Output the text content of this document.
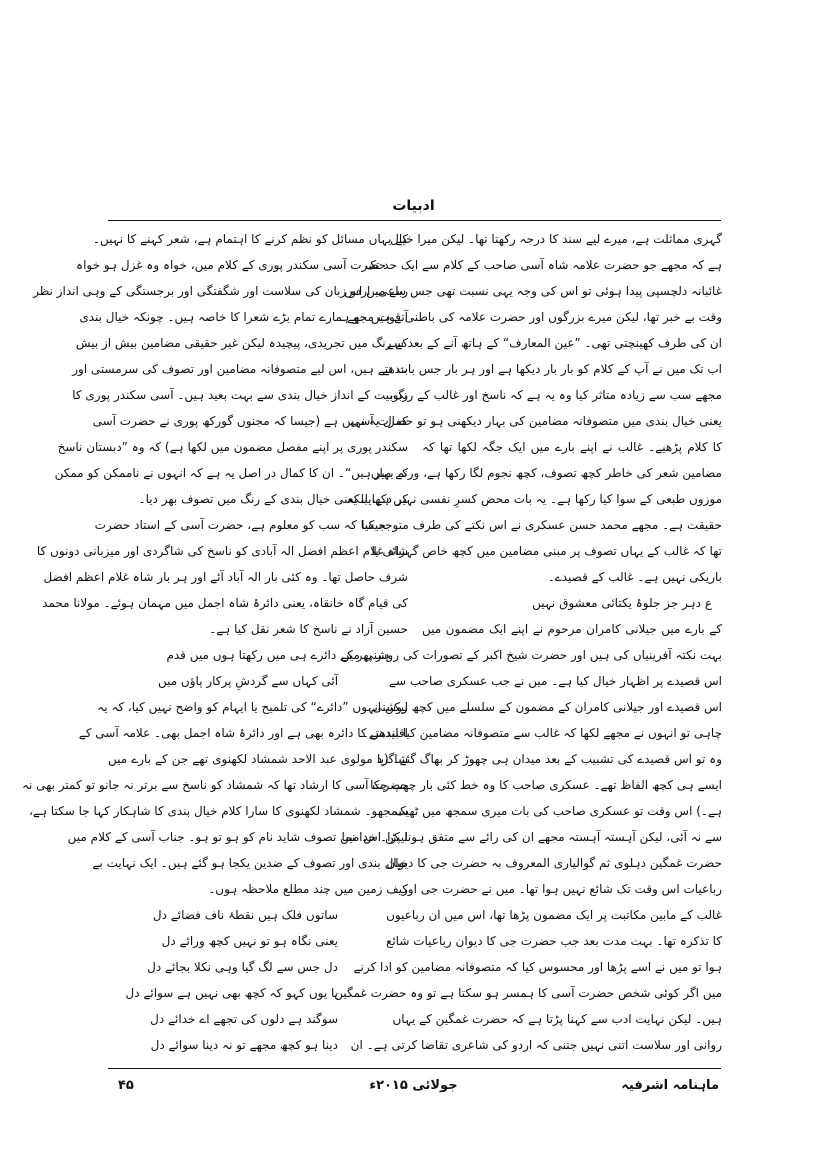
ادبیات
گہری مماثلت ہے، میرے لیے سند کا درجہ رکھتا تھا۔ لیکن میرا خیال
ہے کہ مجھے جو حضرت علامہ شاہ آسی صاحب کے کلام سے ایک حد تک
غائبانہ دلچسپی پیدا ہوئی تو اس کی وجہ یہی نسبت تھی جس سے میں اس
وقت بے خبر تھا، لیکن میرے بزرگوں اور حضرت علامہ کی باطنی قوت مجھے
ان کی طرف کھینچتی تھی۔ ”عین المعارف“ کے ہاتھ آنے کے بعد سے
اب تک میں نے آپ کے کلام کو بار بار دیکھا ہے اور ہر بار جس بات نے
مجھے سب سے زیادہ متاثر کیا وہ یہ ہے کہ ناسخ اور غالب کے رنگ،
یعنی خیال بندی میں متصوفانہ مضامین کی بہار دیکھنی ہو تو حضرت آسی
کا کلام پڑھیے۔ غالب نے اپنے بارے میں ایک جگہ لکھا تھا کہ
مضامین شعر کی خاطر کچھ تصوف، کچھ نجوم لگا رکھا ہے، ورنہ یہاں
موزوں طبعی کے سوا کیا رکھا ہے۔ یہ بات محض کسرِ نفسی نہیں ہے، بلکہ
حقیقت ہے۔ مجھے محمد حسن عسکری نے اس نکتے کی طرف متوجہ کیا
تھا کہ غالب کے یہاں تصوف پر مبنی مضامین میں کچھ خاص گہرائی یا
باریکی نہیں ہے۔ غالب کے قصیدے۔
ع دہر جز جلوۂ یکتائی معشوق نہیں
کے بارے میں جیلانی کامران مرحوم نے اپنے ایک مضمون میں
بہت نکتہ آفرینیاں کی ہیں اور حضرت شیخ اکبر کے تصورات کی روشنی میں
اس قصیدے پر اظہار خیال کیا ہے۔ میں نے جب عسکری صاحب سے
اس قصیدے اور جیلانی کامران کے مضمون کے سلسلے میں کچھ روشنی
چاہی تو انہوں نے مجھے لکھا کہ غالب سے متصوفانہ مضامین کیا بندھتے۔
وہ تو اس قصیدے کی تشبیب کے بعد میدان ہی چھوڑ کر بھاگ گئے۔ (یا
ایسے ہی کچھ الفاظ تھے۔ عسکری صاحب کا وہ خط کئی بار چھپ چکا
ہے۔) اس وقت تو عسکری صاحب کی بات میری سمجھ میں ٹھیک
سے نہ آئی، لیکن آہستہ آہستہ مجھے ان کی رائے سے متفق ہونا پڑا۔ خدا نما
حضرت غمگین دہلوی ثم گوالیاری المعروف بہ حضرت جی کا دیوان
رباعیات اس وقت تک شائع نہیں ہوا تھا۔ میں نے حضرت جی اور
غالب کے مابین مکاتبت پر ایک مضمون پڑھا تھا، اس میں ان رباعیوں
کا تذکرہ تھا۔ بہت مدت بعد جب حضرت جی کا دیوان رباعیات شائع
ہوا تو میں نے اسے پڑھا اور محسوس کیا کہ متصوفانہ مضامین کو ادا کرنے
میں اگر کوئی شخص حضرت آسی کا ہمسر ہو سکتا ہے تو وہ حضرت غمگین
ہیں۔ لیکن نہایت ادب سے کہنا پڑتا ہے کہ حضرت غمگین کے یہاں
روانی اور سلاست اتنی نہیں جتنی کہ اردو کی شاعری تقاضا کرتی ہے۔ ان
کے یہاں مسائل کو نظم کرنے کا اہتمام ہے، شعر کہنے کا نہیں۔
حضرت آسی سکندر پوری کے کلام میں، خواہ وہ غزل ہو خواہ
رباعی، اردو زبان کی سلاست اور شگفتگی اور برجستگی کے وہی انداز نظر
آتے ہیں جو ہمارے تمام بڑے شعرا کا خاصہ ہیں۔ چونکہ خیال بندی
کے رنگ میں تجریدی، پیچیدہ لیکن غیر حقیقی مضامین بیش از بیش
بندھتے ہیں، اس لیے متصوفانہ مضامین اور تصوف کی سرمستی اور
ربوبیت کے انداز خیال بندی سے بہت بعید ہیں۔ آسی سکندر پوری کا
کمال یہ نہیں ہے (جیسا کہ مجنوں گورکھ پوری نے حضرت آسی
سکندر پوری پر اپنے مفصل مضمون میں لکھا ہے) کہ وہ ”دبستان ناسخ
کے میر ہیں“۔ ان کا کمال در اصل یہ ہے کہ انہوں نے ناممکن کو ممکن
کر دکھایا، یعنی خیال بندی کے رنگ میں تصوف بھر دیا۔
جیسا کہ سب کو معلوم ہے، حضرت آسی کے استاد حضرت
شاہ غلام اعظم افضل الہ آبادی کو ناسخ کی شاگردی اور میزبانی دونوں کا
شرف حاصل تھا۔ وہ کئی بار الہ آباد آئے اور ہر بار شاہ غلام اعظم افضل
کی قیام گاہ خانقاہ، یعنی دائرۂ شاہ اجمل میں مہمان ہوئے۔ مولانا محمد
حسین آزاد نے ناسخ کا شعر نقل کیا ہے۔
ہر پھر کے دائرے ہی میں رکھتا ہوں میں قدم
آئی کہاں سے گردشِ پرکار پاؤں میں
لیکن انہوں ”دائرے“ کی تلمیح یا ایہام کو واضح نہیں کیا، کہ یہ
اقلیدس کا دائرہ بھی ہے اور دائرۂ شاہ اجمل بھی۔ علامہ آسی کے
شاگرد مولوی عبد الاحد شمشاد لکھنوی تھے جن کے بارے میں
حضرت آسی کا ارشاد تھا کہ شمشاد کو ناسخ سے برتر نہ جانو تو کمتر بھی نہ
سمجھو۔ شمشاد لکھنوی کا سارا کلام خیال بندی کا شاہکار کہا جا سکتا ہے،
لیکن اس میں تصوف شاید نام کو ہو تو ہو۔ جناب آسی کے کلام میں
خیال بندی اور تصوف کے ضدین یکجا ہو گئے ہیں۔ ایک نہایت بے
کیف زمین میں چند مطلع ملاحظہ ہوں۔
ساتوں فلک ہیں نقطۂ ناف فضائے دل
یعنی نگاہ ہو تو نہیں کچھ ورائے دل
دل جس سے لگ گیا وہی نکلا بجائے دل
یا یوں کہو کہ کچھ بھی نہیں ہے سوائے دل
سوگند ہے دلوں کی تجھے اے خدائے دل
دینا ہو کچھ مجھے تو نہ دینا سوائے دل
ماہنامہ اشرفیہ
جولائی ۲۰۱۵ء
۴۵
